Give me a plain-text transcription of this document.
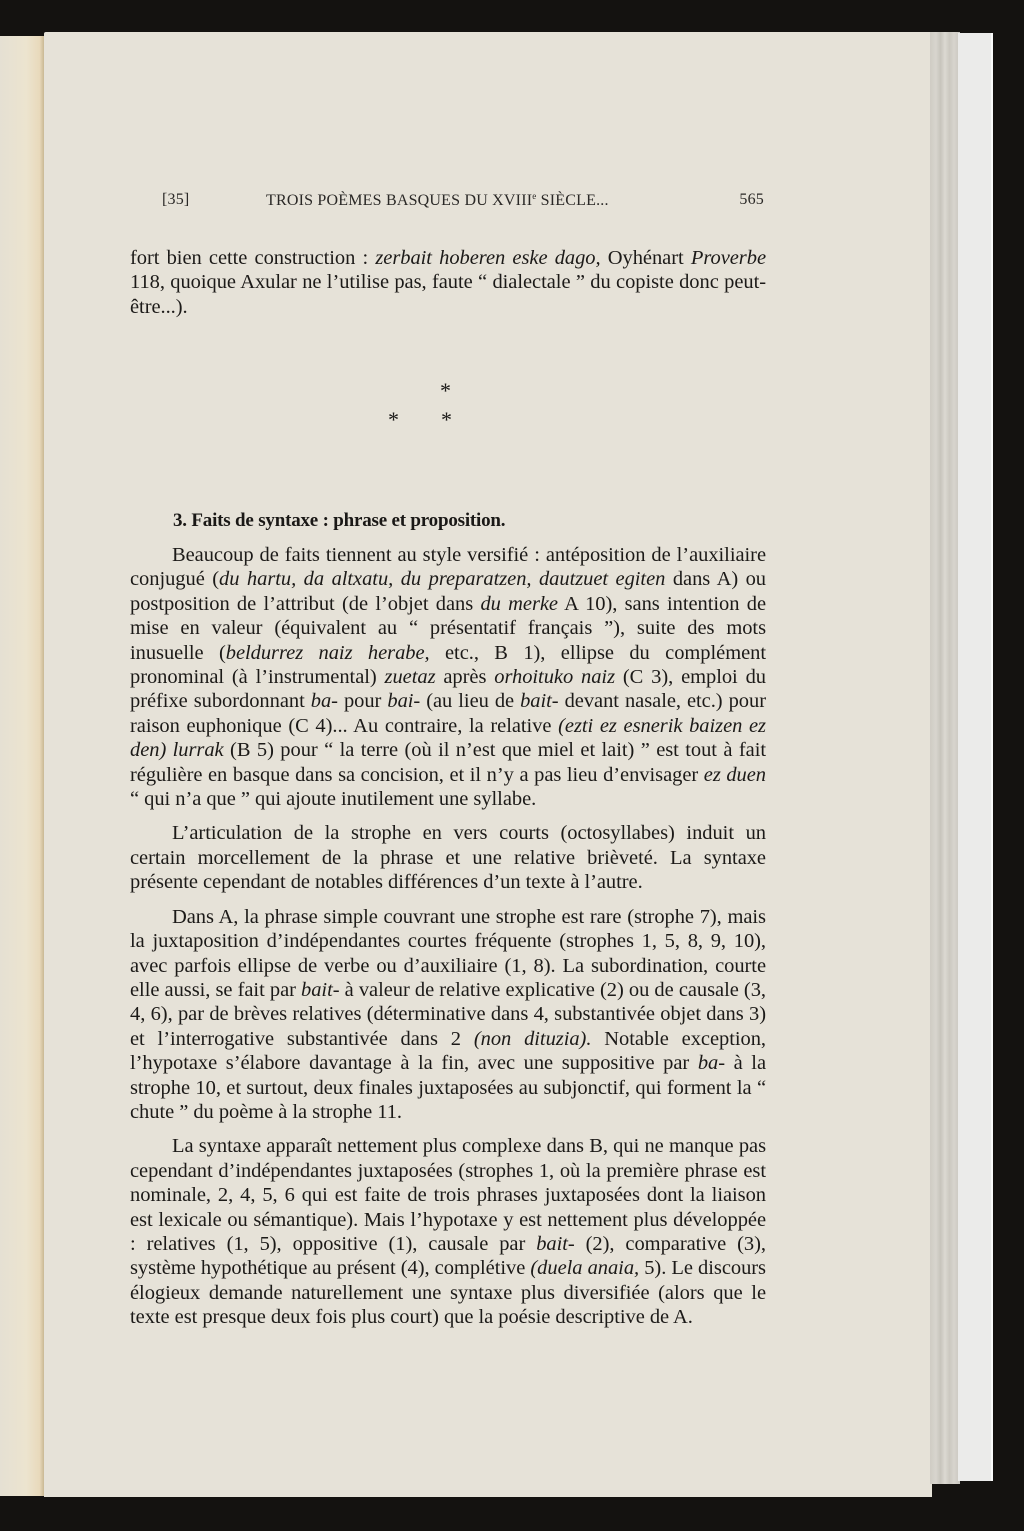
[35]	TROIS POÈMES BASQUES DU XVIIIe SIÈCLE...	565

fort bien cette construction : zerbait hoberen eske dago, Oyhénart Proverbe 118, quoique Axular ne l’utilise pas, faute “ dialectale ” du copiste donc peut-être...).

*
* *
3. Faits de syntaxe : phrase et proposition.

Beaucoup de faits tiennent au style versifié : antéposition de l’auxiliaire conjugué (du hartu, da altxatu, du preparatzen, dautzuet egiten dans A) ou postposition de l’attribut (de l’objet dans du merke A 10), sans intention de mise en valeur (équivalent au “ présentatif français ”), suite des mots inusuelle (beldurrez naiz herabe, etc., B 1), ellipse du complément pronominal (à l’instrumental) zuetaz après orhoituko naiz (C 3), emploi du préfixe subordonnant ba- pour bai- (au lieu de bait- devant nasale, etc.) pour raison euphonique (C 4)... Au contraire, la relative (ezti ez esnerik baizen ez den) lurrak (B 5) pour “ la terre (où il n’est que miel et lait) ” est tout à fait régulière en basque dans sa concision, et il n’y a pas lieu d’envisager ez duen “ qui n’a que ” qui ajoute inutilement une syllabe.

L’articulation de la strophe en vers courts (octosyllabes) induit un certain morcellement de la phrase et une relative brièveté. La syntaxe présente cependant de notables différences d’un texte à l’autre.

Dans A, la phrase simple couvrant une strophe est rare (strophe 7), mais la juxtaposition d’indépendantes courtes fréquente (strophes 1, 5, 8, 9, 10), avec parfois ellipse de verbe ou d’auxiliaire (1, 8). La subordination, courte elle aussi, se fait par bait- à valeur de relative explicative (2) ou de causale (3, 4, 6), par de brèves relatives (déterminative dans 4, substantivée objet dans 3) et l’interrogative substantivée dans 2 (non dituzia). Notable exception, l’hypotaxe s’élabore davantage à la fin, avec une suppositive par ba- à la strophe 10, et surtout, deux finales juxtaposées au subjonctif, qui forment la “ chute ” du poème à la strophe 11.

La syntaxe apparaît nettement plus complexe dans B, qui ne manque pas cependant d’indépendantes juxtaposées (strophes 1, où la première phrase est nominale, 2, 4, 5, 6 qui est faite de trois phrases juxtaposées dont la liaison est lexicale ou sémantique). Mais l’hypotaxe y est nettement plus développée : relatives (1, 5), oppositive (1), causale par bait- (2), comparative (3), système hypothétique au présent (4), complétive (duela anaia, 5). Le discours élogieux demande naturellement une syntaxe plus diversifiée (alors que le texte est presque deux fois plus court) que la poésie descriptive de A.
